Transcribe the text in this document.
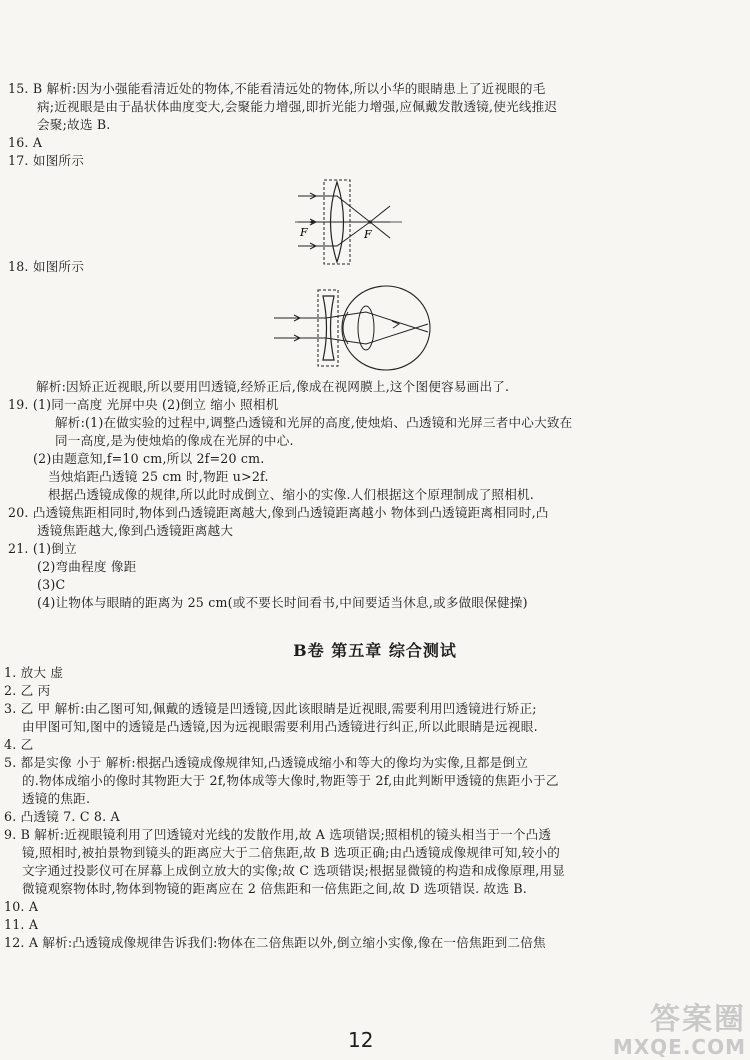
15. B 解析:因为小强能看清近处的物体,不能看清远处的物体,所以小华的眼睛患上了近视眼的毛
病;近视眼是由于晶状体曲度变大,会聚能力增强,即折光能力增强,应佩戴发散透镜,使光线推迟
会聚;故选 B.
16. A
17. 如图所示
F	F
18. 如图所示
解析:因矫正近视眼,所以要用凹透镜,经矫正后,像成在视网膜上,这个图便容易画出了.
19. (1)同一高度 光屏中央 (2)倒立 缩小 照相机
解析:(1)在做实验的过程中,调整凸透镜和光屏的高度,使烛焰、凸透镜和光屏三者中心大致在
同一高度,是为使烛焰的像成在光屏的中心.
(2)由题意知,f=10 cm,所以 2f=20 cm.
当烛焰距凸透镜 25 cm 时,物距 u>2f.
根据凸透镜成像的规律,所以此时成倒立、缩小的实像.人们根据这个原理制成了照相机.
20. 凸透镜焦距相同时,物体到凸透镜距离越大,像到凸透镜距离越小 物体到凸透镜距离相同时,凸
透镜焦距越大,像到凸透镜距离越大
21. (1)倒立
(2)弯曲程度 像距
(3)C
(4)让物体与眼睛的距离为 25 cm(或不要长时间看书,中间要适当休息,或多做眼保健操)
B卷 第五章 综合测试
1. 放大 虚
2. 乙 丙
3. 乙 甲 解析:由乙图可知,佩戴的透镜是凹透镜,因此该眼睛是近视眼,需要利用凹透镜进行矫正;
由甲图可知,图中的透镜是凸透镜,因为远视眼需要利用凸透镜进行纠正,所以此眼睛是远视眼.
4. 乙
5. 都是实像 小于 解析:根据凸透镜成像规律知,凸透镜成缩小和等大的像均为实像,且都是倒立
的.物体成缩小的像时其物距大于 2f,物体成等大像时,物距等于 2f,由此判断甲透镜的焦距小于乙
透镜的焦距.
6. 凸透镜 7. C 8. A
9. B 解析:近视眼镜利用了凹透镜对光线的发散作用,故 A 选项错误;照相机的镜头相当于一个凸透
镜,照相时,被拍景物到镜头的距离应大于二倍焦距,故 B 选项正确;由凸透镜成像规律可知,较小的
文字通过投影仪可在屏幕上成倒立放大的实像;故 C 选项错误;根据显微镜的构造和成像原理,用显
微镜观察物体时,物体到物镜的距离应在 2 倍焦距和一倍焦距之间,故 D 选项错误. 故选 B.
10. A
11. A
12. A 解析:凸透镜成像规律告诉我们:物体在二倍焦距以外,倒立缩小实像,像在一倍焦距到二倍焦
12
答案圈
MXQE.COM
